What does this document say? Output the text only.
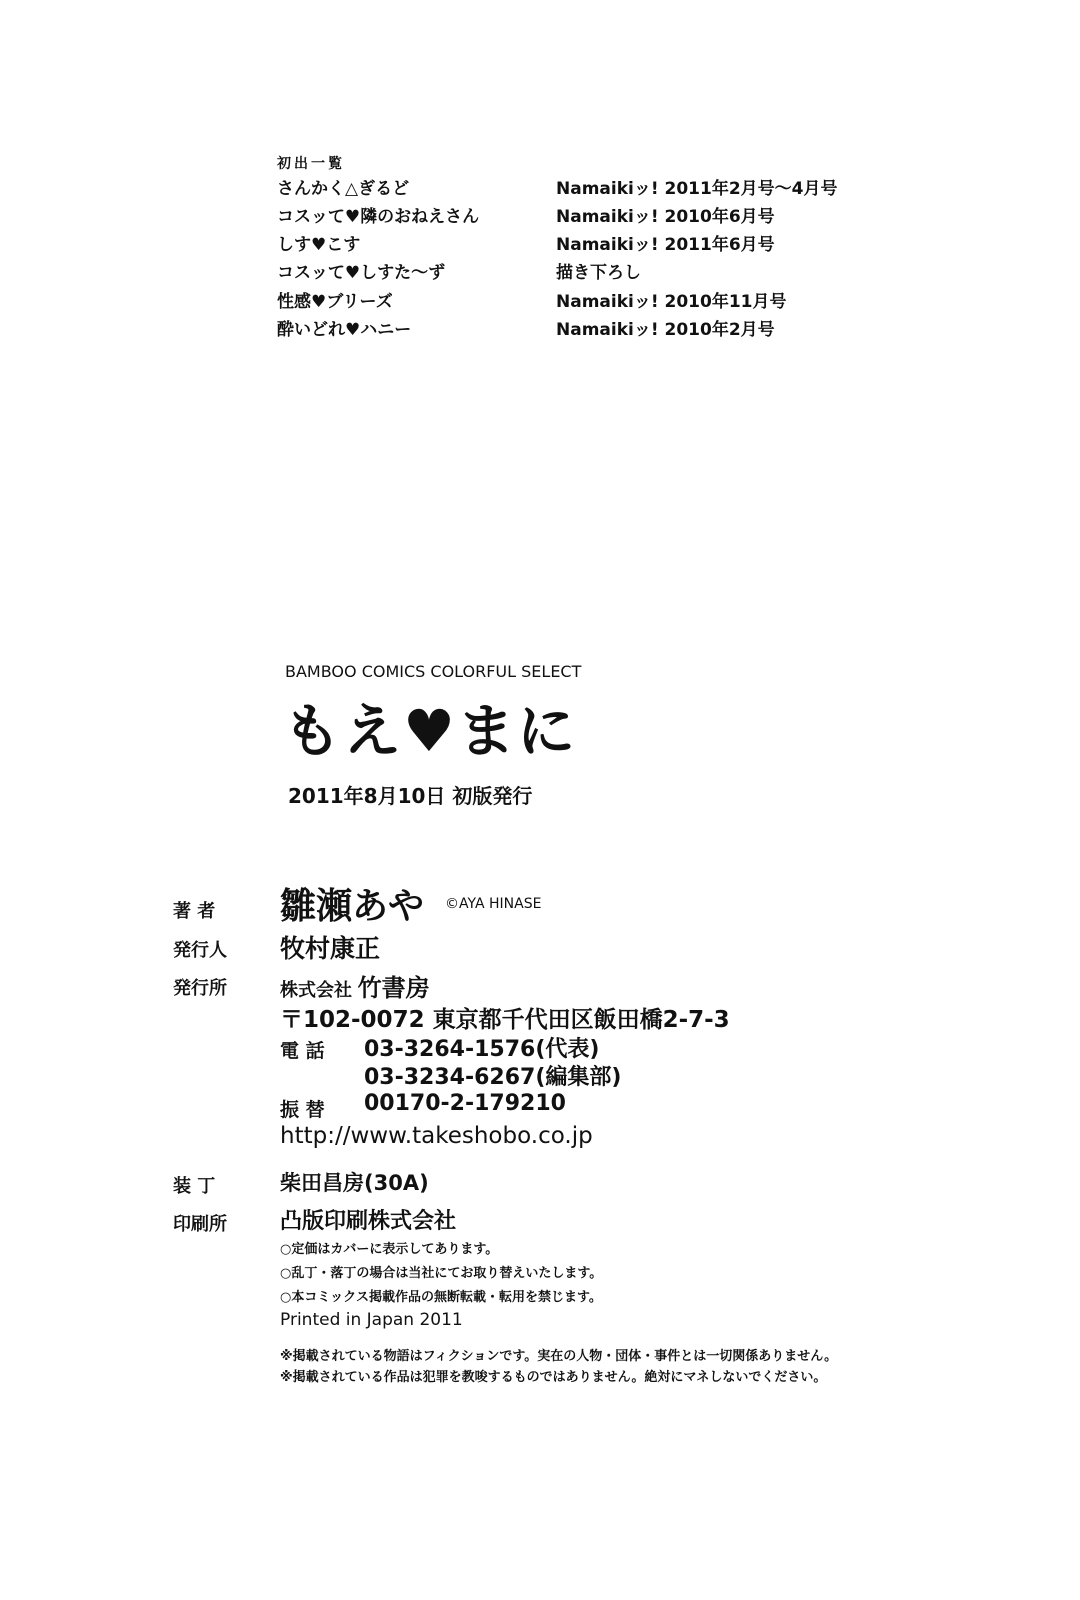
初出一覧
さんかく△ぎるど	Namaikiッ! 2011年2月号～4月号
コスッて♥隣のおねえさん	Namaikiッ! 2010年6月号
しす♥こす	Namaikiッ! 2011年6月号
コスッて♥しすた～ず	描き下ろし
性感♥ブリーズ	Namaikiッ! 2010年11月号
酔いどれ♥ハニー	Namaikiッ! 2010年2月号
BAMBOO COMICS COLORFUL SELECT
もえ♥まに
2011年8月10日 初版発行
著 者 雛瀬あや ©AYA HINASE
発行人 牧村康正
発行所	株式会社 竹書房
〒102-0072 東京都千代田区飯田橋2-7-3
電 話 03-3264-1576(代表)
03-3234-6267(編集部)
振 替 00170-2-179210
http://www.takeshobo.co.jp
装 丁	柴田昌房(30A)
印刷所 凸版印刷株式会社
○定価はカバーに表示してあります。
○乱丁・落丁の場合は当社にてお取り替えいたします。
○本コミックス掲載作品の無断転載・転用を禁じます。
Printed in Japan 2011
※掲載されている物語はフィクションです。実在の人物・団体・事件とは一切関係ありません。
※掲載されている作品は犯罪を教唆するものではありません。絶対にマネしないでください。
